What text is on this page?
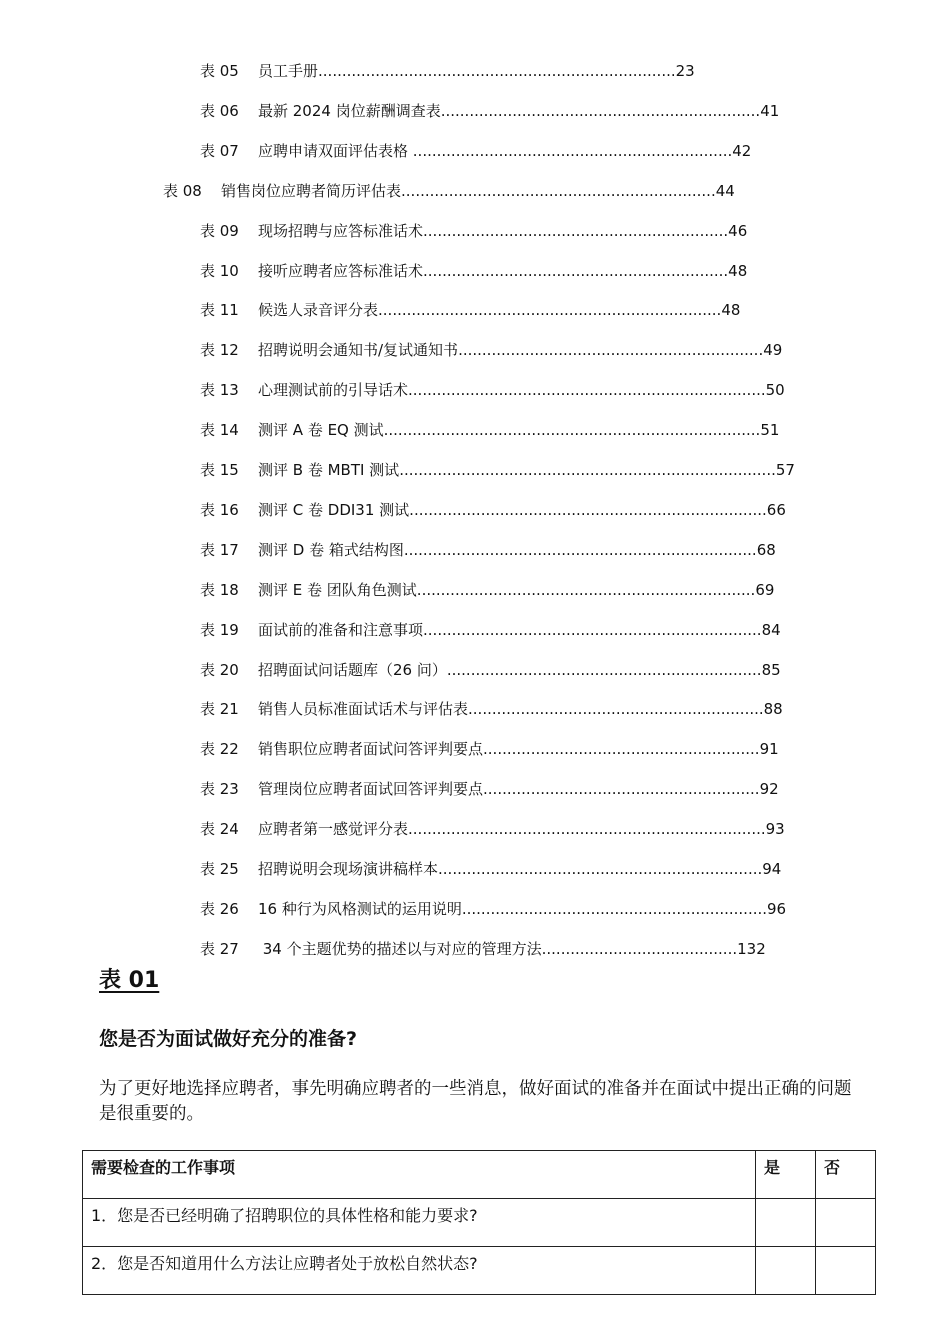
表 05 员工手册...........................................................................23
表 06 最新 2024 岗位薪酬调查表...................................................................41
表 07 应聘申请双面评估表格 ...................................................................42
表 08 销售岗位应聘者简历评估表..................................................................44
表 09 现场招聘与应答标准话术................................................................46
表 10 接听应聘者应答标准话术................................................................48
表 11 候选人录音评分表........................................................................48
表 12 招聘说明会通知书/复试通知书................................................................49
表 13 心理测试前的引导话术...........................................................................50
表 14 测评 A 卷 EQ 测试...............................................................................51
表 15 测评 B 卷 MBTI 测试...............................................................................57
表 16 测评 C 卷 DDI31 测试...........................................................................66
表 17 测评 D 卷 箱式结构图..........................................................................68
表 18 测评 E 卷 团队角色测试.......................................................................69
表 19 面试前的准备和注意事项.......................................................................84
表 20 招聘面试问话题库（26 问）..................................................................85
表 21 销售人员标准面试话术与评估表..............................................................88
表 22 销售职位应聘者面试问答评判要点..........................................................91
表 23 管理岗位应聘者面试回答评判要点..........................................................92
表 24 应聘者第一感觉评分表...........................................................................93
表 25 招聘说明会现场演讲稿样本....................................................................94
表 26 16 种行为风格测试的运用说明................................................................96
表 27 34 个主题优势的描述以与对应的管理方法.........................................132
表 01
您是否为面试做好充分的准备?
为了更好地选择应聘者，事先明确应聘者的一些消息，做好面试的准备并在面试中提出正确的问题是很重要的。
需要检查的工作事项	是	否
1．您是否已经明确了招聘职位的具体性格和能力要求?		
2．您是否知道用什么方法让应聘者处于放松自然状态?		
